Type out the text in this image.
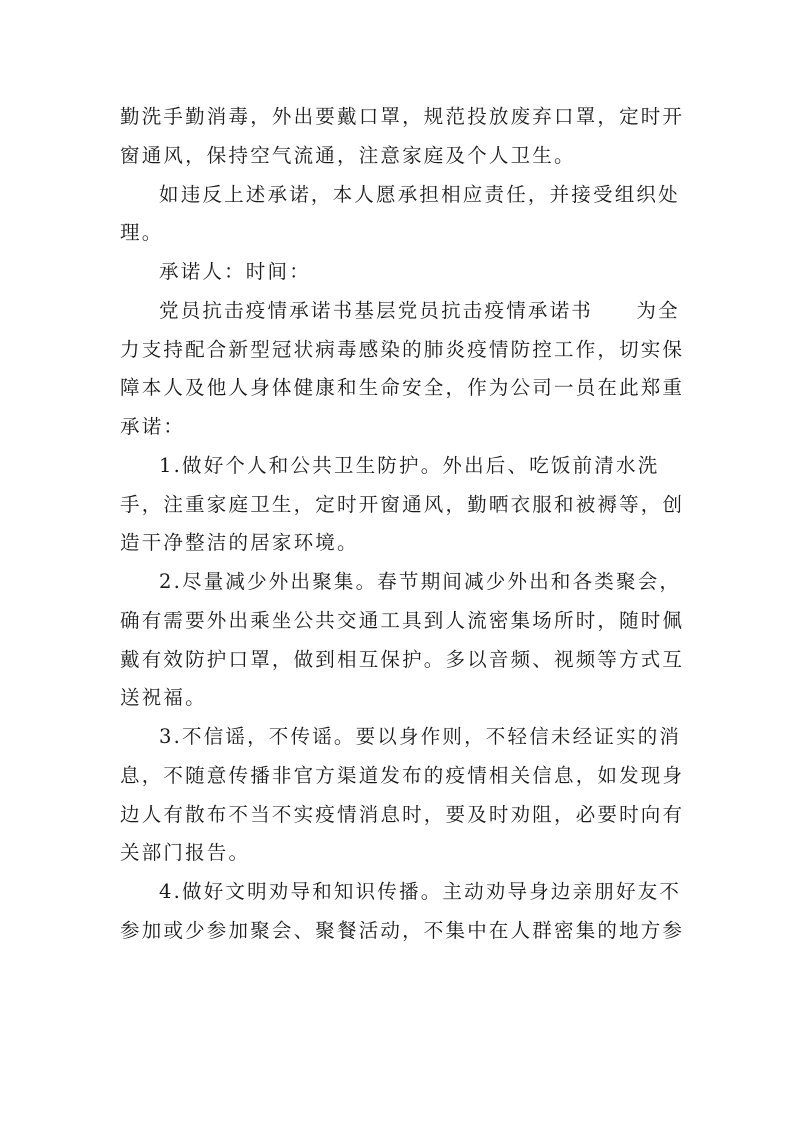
勤洗手勤消毒，外出要戴口罩，规范投放废弃口罩，定时开窗通风，保持空气流通，注意家庭及个人卫生。

如违反上述承诺，本人愿承担相应责任，并接受组织处理。

承诺人：时间：

党员抗击疫情承诺书基层党员抗击疫情承诺书　　为全力支持配合新型冠状病毒感染的肺炎疫情防控工作，切实保障本人及他人身体健康和生命安全，作为公司一员在此郑重承诺：

1.做好个人和公共卫生防护。外出后、吃饭前清水洗手，注重家庭卫生，定时开窗通风，勤晒衣服和被褥等，创造干净整洁的居家环境。

2.尽量减少外出聚集。春节期间减少外出和各类聚会，确有需要外出乘坐公共交通工具到人流密集场所时，随时佩戴有效防护口罩，做到相互保护。多以音频、视频等方式互送祝福。

3.不信谣，不传谣。要以身作则，不轻信未经证实的消息，不随意传播非官方渠道发布的疫情相关信息，如发现身边人有散布不当不实疫情消息时，要及时劝阻，必要时向有关部门报告。

4.做好文明劝导和知识传播。主动劝导身边亲朋好友不参加或少参加聚会、聚餐活动，不集中在人群密集的地方参
